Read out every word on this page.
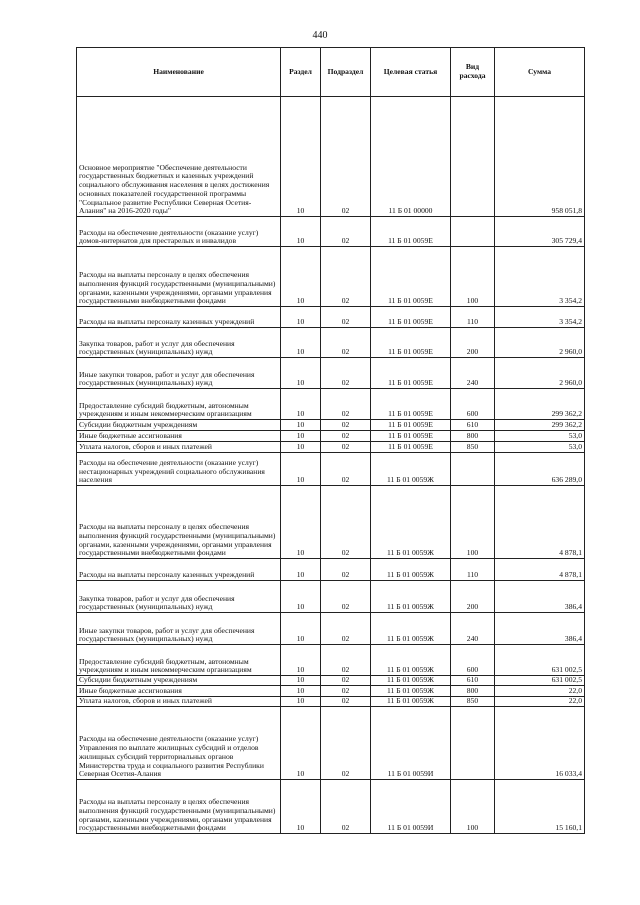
440
Наименование	Раздел	Подраздел	Целевая статья	Вид расхода	Сумма
Основное мероприятие "Обеспечение деятельности государственных бюджетных и казенных учреждений социального обслуживания населения в целях достижения основных показателей государственной программы "Социальное развитие Республики Северная Осетия-Алания" на 2016-2020 годы"	10	02	11 Б 01 00000		958 051,8
Расходы на обеспечение деятельности (оказание услуг) домов-интернатов для престарелых и инвалидов	10	02	11 Б 01 0059Е		305 729,4
Расходы на выплаты персоналу в целях обеспечения выполнения функций государственными (муниципальными) органами, казенными учреждениями, органами управления государственными внебюджетными фондами	10	02	11 Б 01 0059Е	100	3 354,2
Расходы на выплаты персоналу казенных учреждений	10	02	11 Б 01 0059Е	110	3 354,2
Закупка товаров, работ и услуг для обеспечения государственных (муниципальных) нужд	10	02	11 Б 01 0059Е	200	2 960,0
Иные закупки товаров, работ и услуг для обеспечения государственных (муниципальных) нужд	10	02	11 Б 01 0059Е	240	2 960,0
Предоставление субсидий бюджетным, автономным учреждениям и иным некоммерческим организациям	10	02	11 Б 01 0059Е	600	299 362,2
Субсидии бюджетным учреждениям	10	02	11 Б 01 0059Е	610	299 362,2
Иные бюджетные ассигнования	10	02	11 Б 01 0059Е	800	53,0
Уплата налогов, сборов и иных платежей	10	02	11 Б 01 0059Е	850	53,0
Расходы на обеспечение деятельности (оказание услуг) нестационарных учреждений социального обслуживания населения	10	02	11 Б 01 0059Ж		636 289,0
Расходы на выплаты персоналу в целях обеспечения выполнения функций государственными (муниципальными) органами, казенными учреждениями, органами управления государственными внебюджетными фондами	10	02	11 Б 01 0059Ж	100	4 878,1
Расходы на выплаты персоналу казенных учреждений	10	02	11 Б 01 0059Ж	110	4 878,1
Закупка товаров, работ и услуг для обеспечения государственных (муниципальных) нужд	10	02	11 Б 01 0059Ж	200	386,4
Иные закупки товаров, работ и услуг для обеспечения государственных (муниципальных) нужд	10	02	11 Б 01 0059Ж	240	386,4
Предоставление субсидий бюджетным, автономным учреждениям и иным некоммерческим организациям	10	02	11 Б 01 0059Ж	600	631 002,5
Субсидии бюджетным учреждениям	10	02	11 Б 01 0059Ж	610	631 002,5
Иные бюджетные ассигнования	10	02	11 Б 01 0059Ж	800	22,0
Уплата налогов, сборов и иных платежей	10	02	11 Б 01 0059Ж	850	22,0
Расходы на обеспечение деятельности (оказание услуг) Управления по выплате жилищных субсидий и отделов жилищных субсидий территориальных органов Министерства труда и социального развития Республики Северная Осетия-Алания	10	02	11 Б 01 0059И		16 033,4
Расходы на выплаты персоналу в целях обеспечения выполнения функций государственными (муниципальными) органами, казенными учреждениями, органами управления государственными внебюджетными фондами	10	02	11 Б 01 0059И	100	15 160,1
